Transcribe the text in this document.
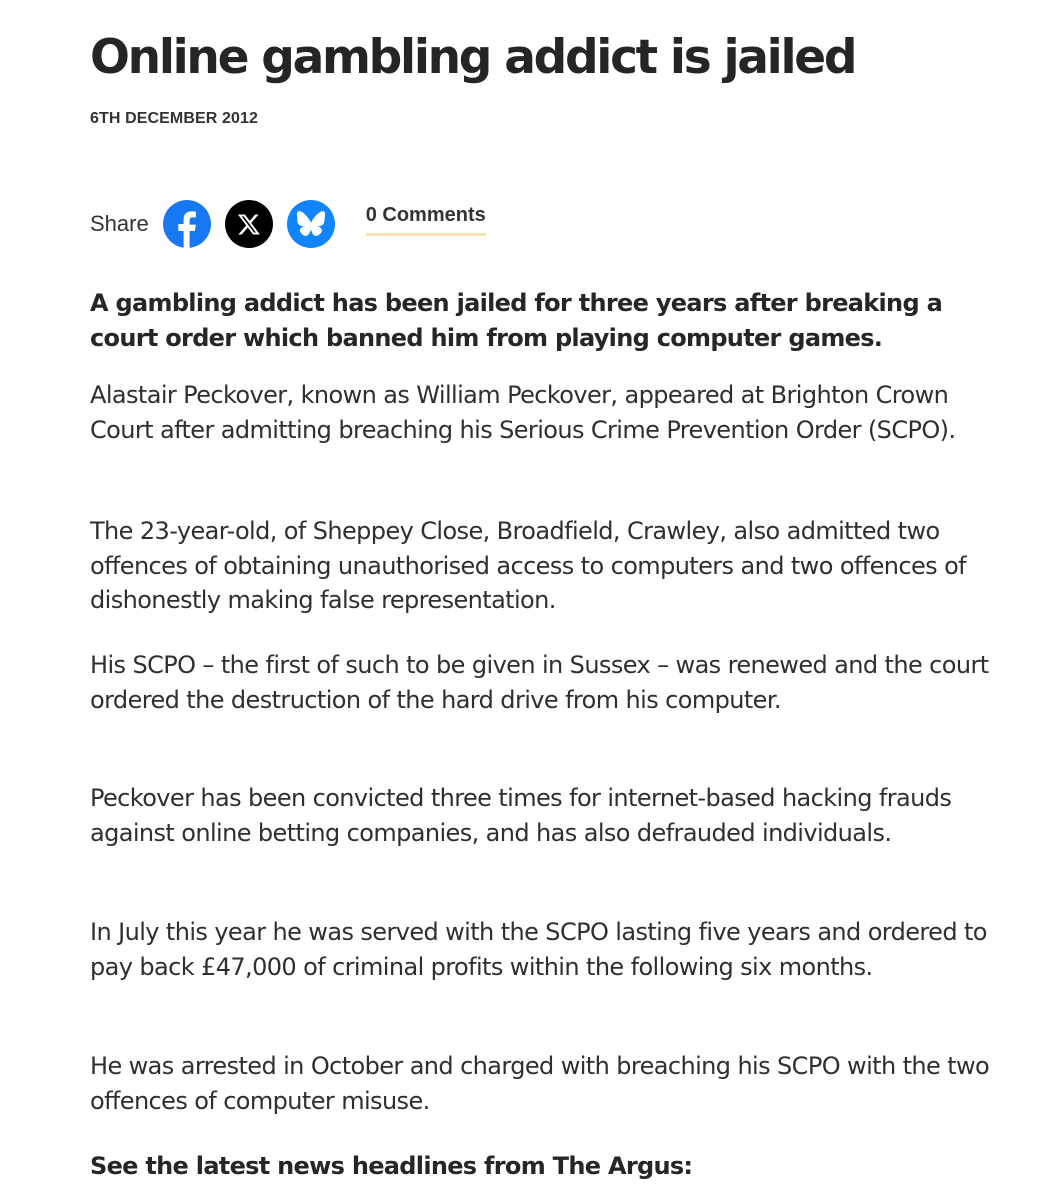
Online gambling addict is jailed
6TH DECEMBER 2012
Share	0 Comments

A gambling addict has been jailed for three years after breaking a court order which banned him from playing computer games.

Alastair Peckover, known as William Peckover, appeared at Brighton Crown Court after admitting breaching his Serious Crime Prevention Order (SCPO).

The 23-year-old, of Sheppey Close, Broadfield, Crawley, also admitted two offences of obtaining unauthorised access to computers and two offences of dishonestly making false representation.

His SCPO – the first of such to be given in Sussex – was renewed and the court ordered the destruction of the hard drive from his computer.

Peckover has been convicted three times for internet-based hacking frauds against online betting companies, and has also defrauded individuals.

In July this year he was served with the SCPO lasting five years and ordered to pay back £47,000 of criminal profits within the following six months.

He was arrested in October and charged with breaching his SCPO with the two offences of computer misuse.

See the latest news headlines from The Argus:
